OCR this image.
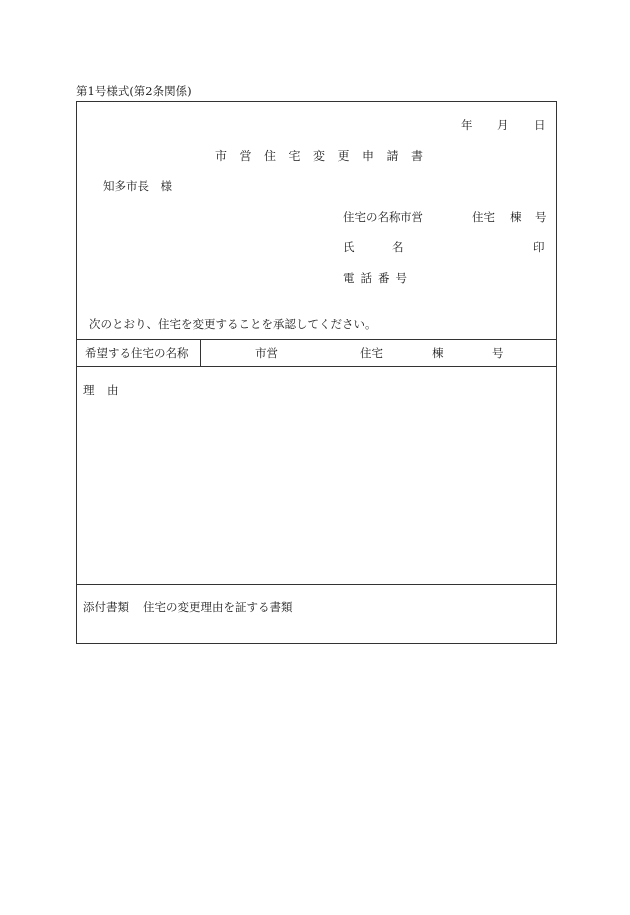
第1号様式(第2条関係)
年 月 日
市営住宅変更申請書
知多市長　様
住宅の名称 市営	住宅 棟 号
氏	名	印
電話番号
次のとおり、住宅を変更することを承認してください。
希望する住宅の名称	市営	住宅	棟	号
理 由
添付書類 住宅の変更理由を証する書類
